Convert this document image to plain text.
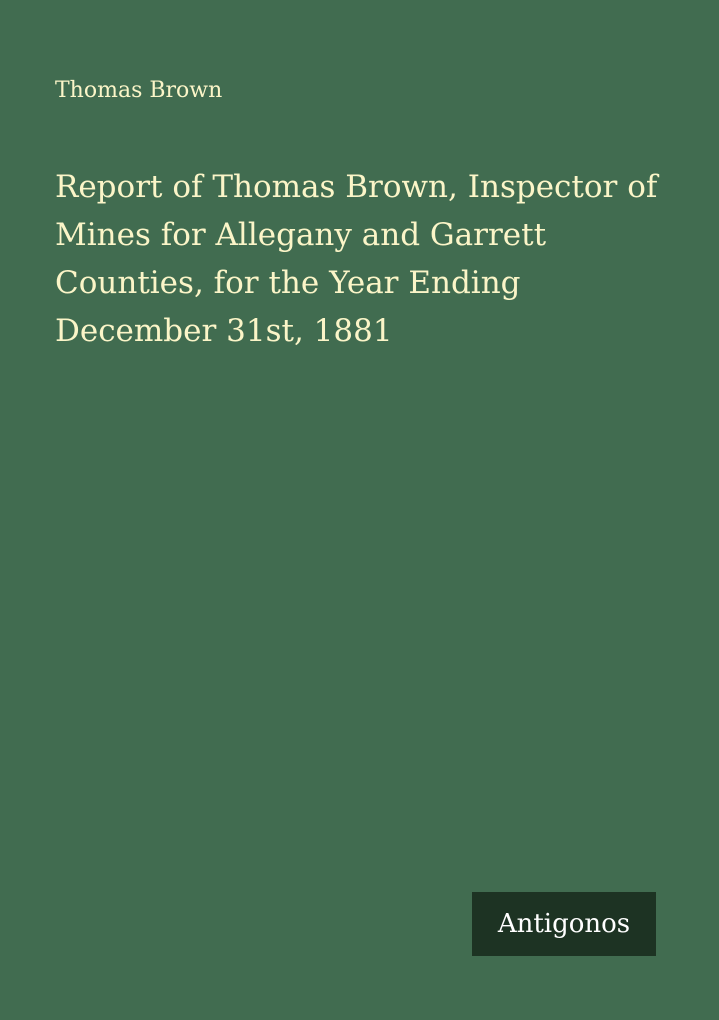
Thomas Brown
Report of Thomas Brown, Inspector of
Mines for Allegany and Garrett
Counties, for the Year Ending
December 31st, 1881
Antigonos
